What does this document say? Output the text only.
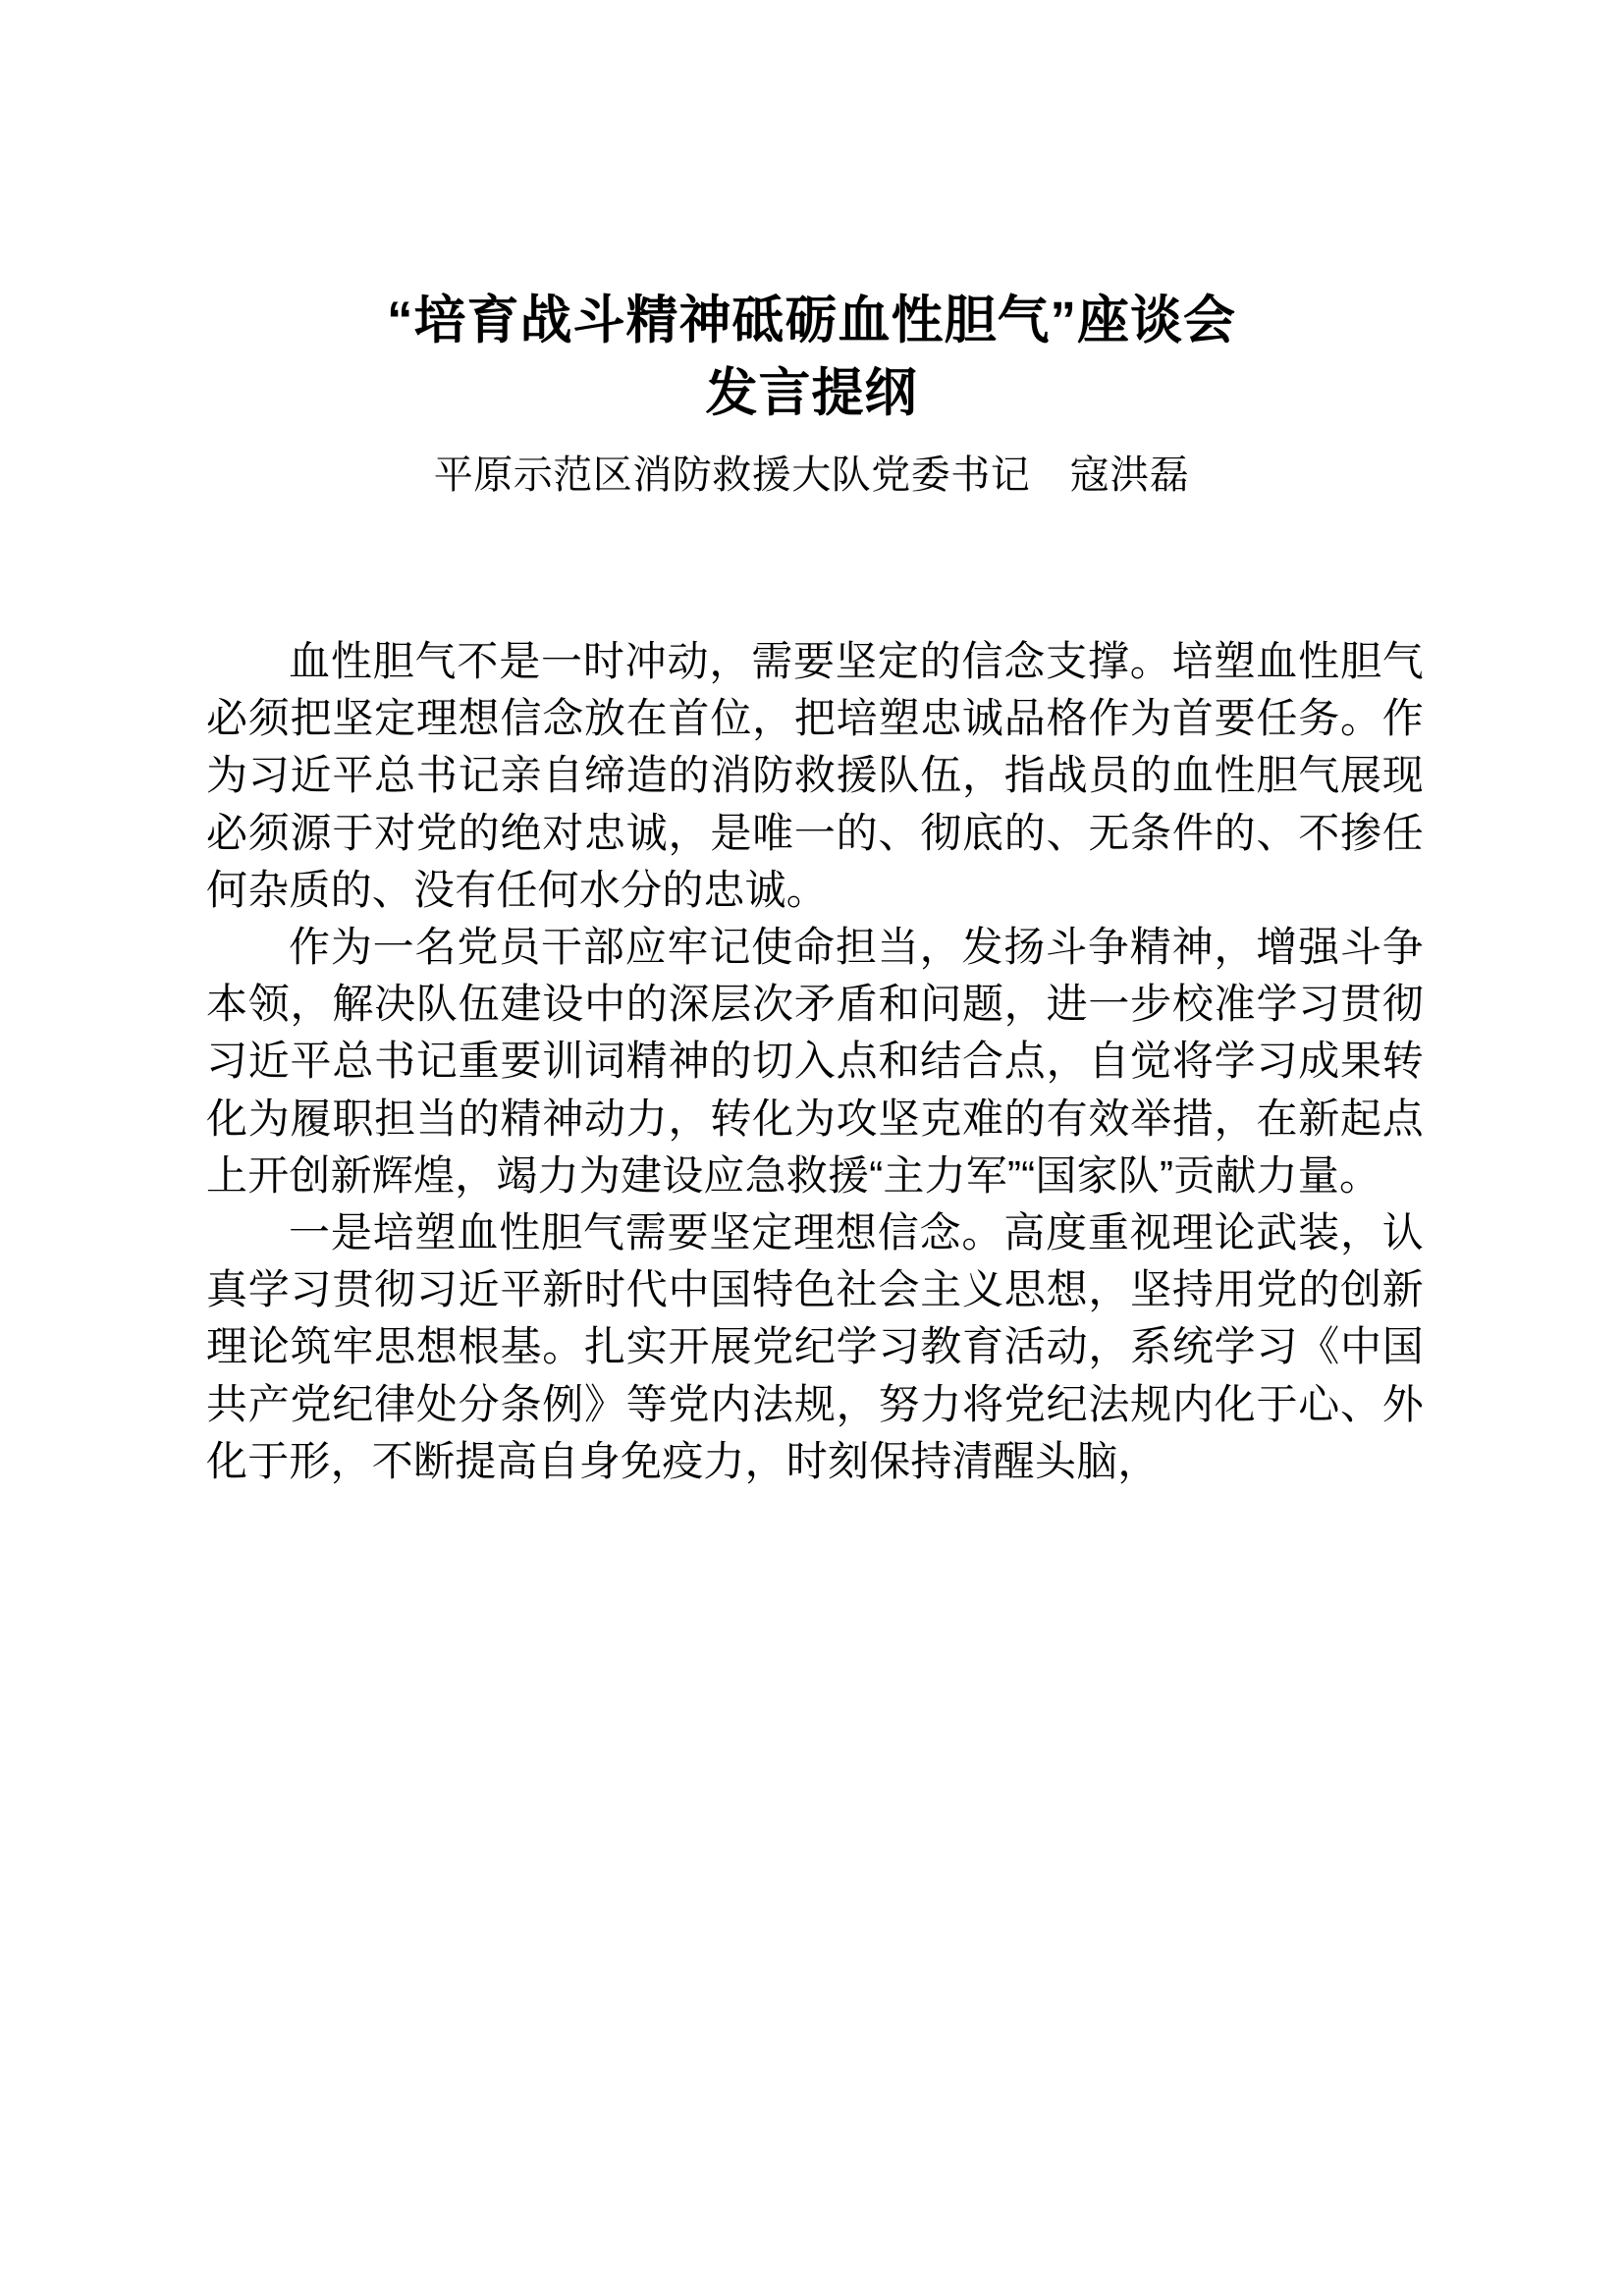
“培育战斗精神砥砺血性胆气”座谈会
发言提纲
平原示范区消防救援大队党委书记　寇洪磊

血性胆气不是一时冲动，需要坚定的信念支撑。培塑血性胆气必须把坚定理想信念放在首位，把培塑忠诚品格作为首要任务。作为习近平总书记亲自缔造的消防救援队伍，指战员的血性胆气展现必须源于对党的绝对忠诚，是唯一的、彻底的、无条件的、不掺任何杂质的、没有任何水分的忠诚。

作为一名党员干部应牢记使命担当，发扬斗争精神，增强斗争本领，解决队伍建设中的深层次矛盾和问题，进一步校准学习贯彻习近平总书记重要训词精神的切入点和结合点，自觉将学习成果转化为履职担当的精神动力，转化为攻坚克难的有效举措，在新起点上开创新辉煌，竭力为建设应急救援“主力军”“国家队”贡献力量。

一是培塑血性胆气需要坚定理想信念。高度重视理论武装，认真学习贯彻习近平新时代中国特色社会主义思想，坚持用党的创新理论筑牢思想根基。扎实开展党纪学习教育活动，系统学习《中国共产党纪律处分条例》等党内法规，努力将党纪法规内化于心、外化于形，不断提高自身免疫力，时刻保持清醒头脑，
